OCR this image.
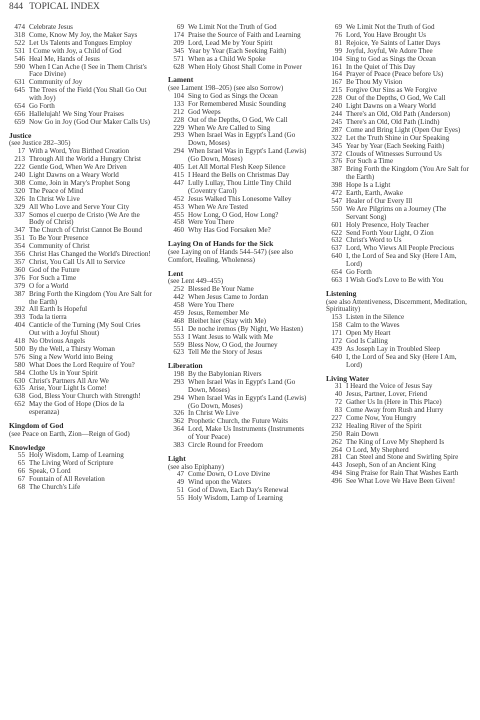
844 TOPICAL INDEX
474 Celebrate Jesus
318 Come, Know My Joy, the Maker Says
522 Let Us Talents and Tongues Employ
531 I Come with Joy, a Child of God
546 Heal Me, Hands of Jesus
590 When I Can Ache (I See in Them Christ's Face Divine)
631 Community of Joy
645 The Trees of the Field (You Shall Go Out with Joy)
654 Go Forth
656 Hallelujah! We Sing Your Praises
659 Now Go in Joy (God Our Maker Calls Us)
Justice
(see Justice 282–305)
17 With a Word, You Birthed Creation
213 Through All the World a Hungry Christ
222 Gentle God, When We Are Driven
240 Light Dawns on a Weary World
308 Come, Join in Mary's Prophet Song
320 The Peace of Mind
326 In Christ We Live
329 All Who Love and Serve Your City
337 Somos el cuerpo de Cristo (We Are the Body of Christ)
347 The Church of Christ Cannot Be Bound
351 To Be Your Presence
354 Community of Christ
356 Christ Has Changed the World's Direction!
357 Christ, You Call Us All to Service
360 God of the Future
376 For Such a Time
379 O for a World
387 Bring Forth the Kingdom (You Are Salt for the Earth)
392 All Earth Is Hopeful
393 Toda la tierra
404 Canticle of the Turning (My Soul Cries Out with a Joyful Shout)
418 No Obvious Angels
500 By the Well, a Thirsty Woman
576 Sing a New World into Being
580 What Does the Lord Require of You?
584 Clothe Us in Your Spirit
630 Christ's Partners All Are We
635 Arise, Your Light Is Come!
638 God, Bless Your Church with Strength!
652 May the God of Hope (Dios de la esperanza)
Kingdom of God
(see Peace on Earth, Zion—Reign of God)
Knowledge
55 Holy Wisdom, Lamp of Learning
65 The Living Word of Scripture
66 Speak, O Lord
67 Fountain of All Revelation
68 The Church's Life
69 We Limit Not the Truth of God
174 Praise the Source of Faith and Learning
209 Lord, Lead Me by Your Spirit
345 Year by Year (Each Seeking Faith)
571 When as a Child We Spoke
628 When Holy Ghost Shall Come in Power
Lament
(see Lament 198–205) (see also Sorrow)
104 Sing to God as Sings the Ocean
133 For Remembered Music Sounding
212 God Weeps
228 Out of the Depths, O God, We Call
229 When We Are Called to Sing
293 When Israel Was in Egypt's Land (Go Down, Moses)
294 When Israel Was in Egypt's Land (Lewis) (Go Down, Moses)
405 Let All Mortal Flesh Keep Silence
415 I Heard the Bells on Christmas Day
447 Lully Lullay, Thou Little Tiny Child (Coventry Carol)
452 Jesus Walked This Lonesome Valley
453 When We Are Tested
455 How Long, O God, How Long?
458 Were You There
460 Why Has God Forsaken Me?
Laying On of Hands for the Sick
(see Laying on of Hands 544–547) (see also Comfort, Healing, Wholeness)
Lent
(see Lent 449–455)
252 Blessed Be Your Name
442 When Jesus Came to Jordan
458 Were You There
459 Jesus, Remember Me
468 Bleibet hier (Stay with Me)
551 De noche iremos (By Night, We Hasten)
553 I Want Jesus to Walk with Me
559 Bless Now, O God, the Journey
623 Tell Me the Story of Jesus
Liberation
198 By the Babylonian Rivers
293 When Israel Was in Egypt's Land (Go Down, Moses)
294 When Israel Was in Egypt's Land (Lewis) (Go Down, Moses)
326 In Christ We Live
362 Prophetic Church, the Future Waits
364 Lord, Make Us Instruments (Instruments of Your Peace)
383 Circle Round for Freedom
Light
(see also Epiphany)
47 Come Down, O Love Divine
49 Wind upon the Waters
51 God of Dawn, Each Day's Renewal
55 Holy Wisdom, Lamp of Learning
69 We Limit Not the Truth of God
76 Lord, You Have Brought Us
81 Rejoice, Ye Saints of Latter Days
99 Joyful, Joyful, We Adore Thee
104 Sing to God as Sings the Ocean
161 In the Quiet of This Day
164 Prayer of Peace (Peace before Us)
167 Be Thou My Vision
215 Forgive Our Sins as We Forgive
228 Out of the Depths, O God, We Call
240 Light Dawns on a Weary World
244 There's an Old, Old Path (Anderson)
245 There's an Old, Old Path (Lindh)
287 Come and Bring Light (Open Our Eyes)
322 Let the Truth Shine in Our Speaking
345 Year by Year (Each Seeking Faith)
372 Clouds of Witnesses Surround Us
376 For Such a Time
387 Bring Forth the Kingdom (You Are Salt for the Earth)
398 Hope Is a Light
472 Earth, Earth, Awake
547 Healer of Our Every Ill
550 We Are Pilgrims on a Journey (The Servant Song)
601 Holy Presence, Holy Teacher
622 Send Forth Your Light, O Zion
632 Christ's Word to Us
637 Lord, Who Views All People Precious
640 I, the Lord of Sea and Sky (Here I Am, Lord)
654 Go Forth
663 I Wish God's Love to Be with You
Listening
(see also Attentiveness, Discernment, Meditation, Spirituality)
153 Listen in the Silence
158 Calm to the Waves
171 Open My Heart
172 God Is Calling
439 As Joseph Lay in Troubled Sleep
640 I, the Lord of Sea and Sky (Here I Am, Lord)
Living Water
31 I Heard the Voice of Jesus Say
40 Jesus, Partner, Lover, Friend
72 Gather Us In (Here in This Place)
83 Come Away from Rush and Hurry
227 Come Now, You Hungry
232 Healing River of the Spirit
250 Rain Down
262 The King of Love My Shepherd Is
264 O Lord, My Shepherd
281 Can Steel and Stone and Swirling Spire
443 Joseph, Son of an Ancient King
494 Sing Praise for Rain That Washes Earth
496 See What Love We Have Been Given!
